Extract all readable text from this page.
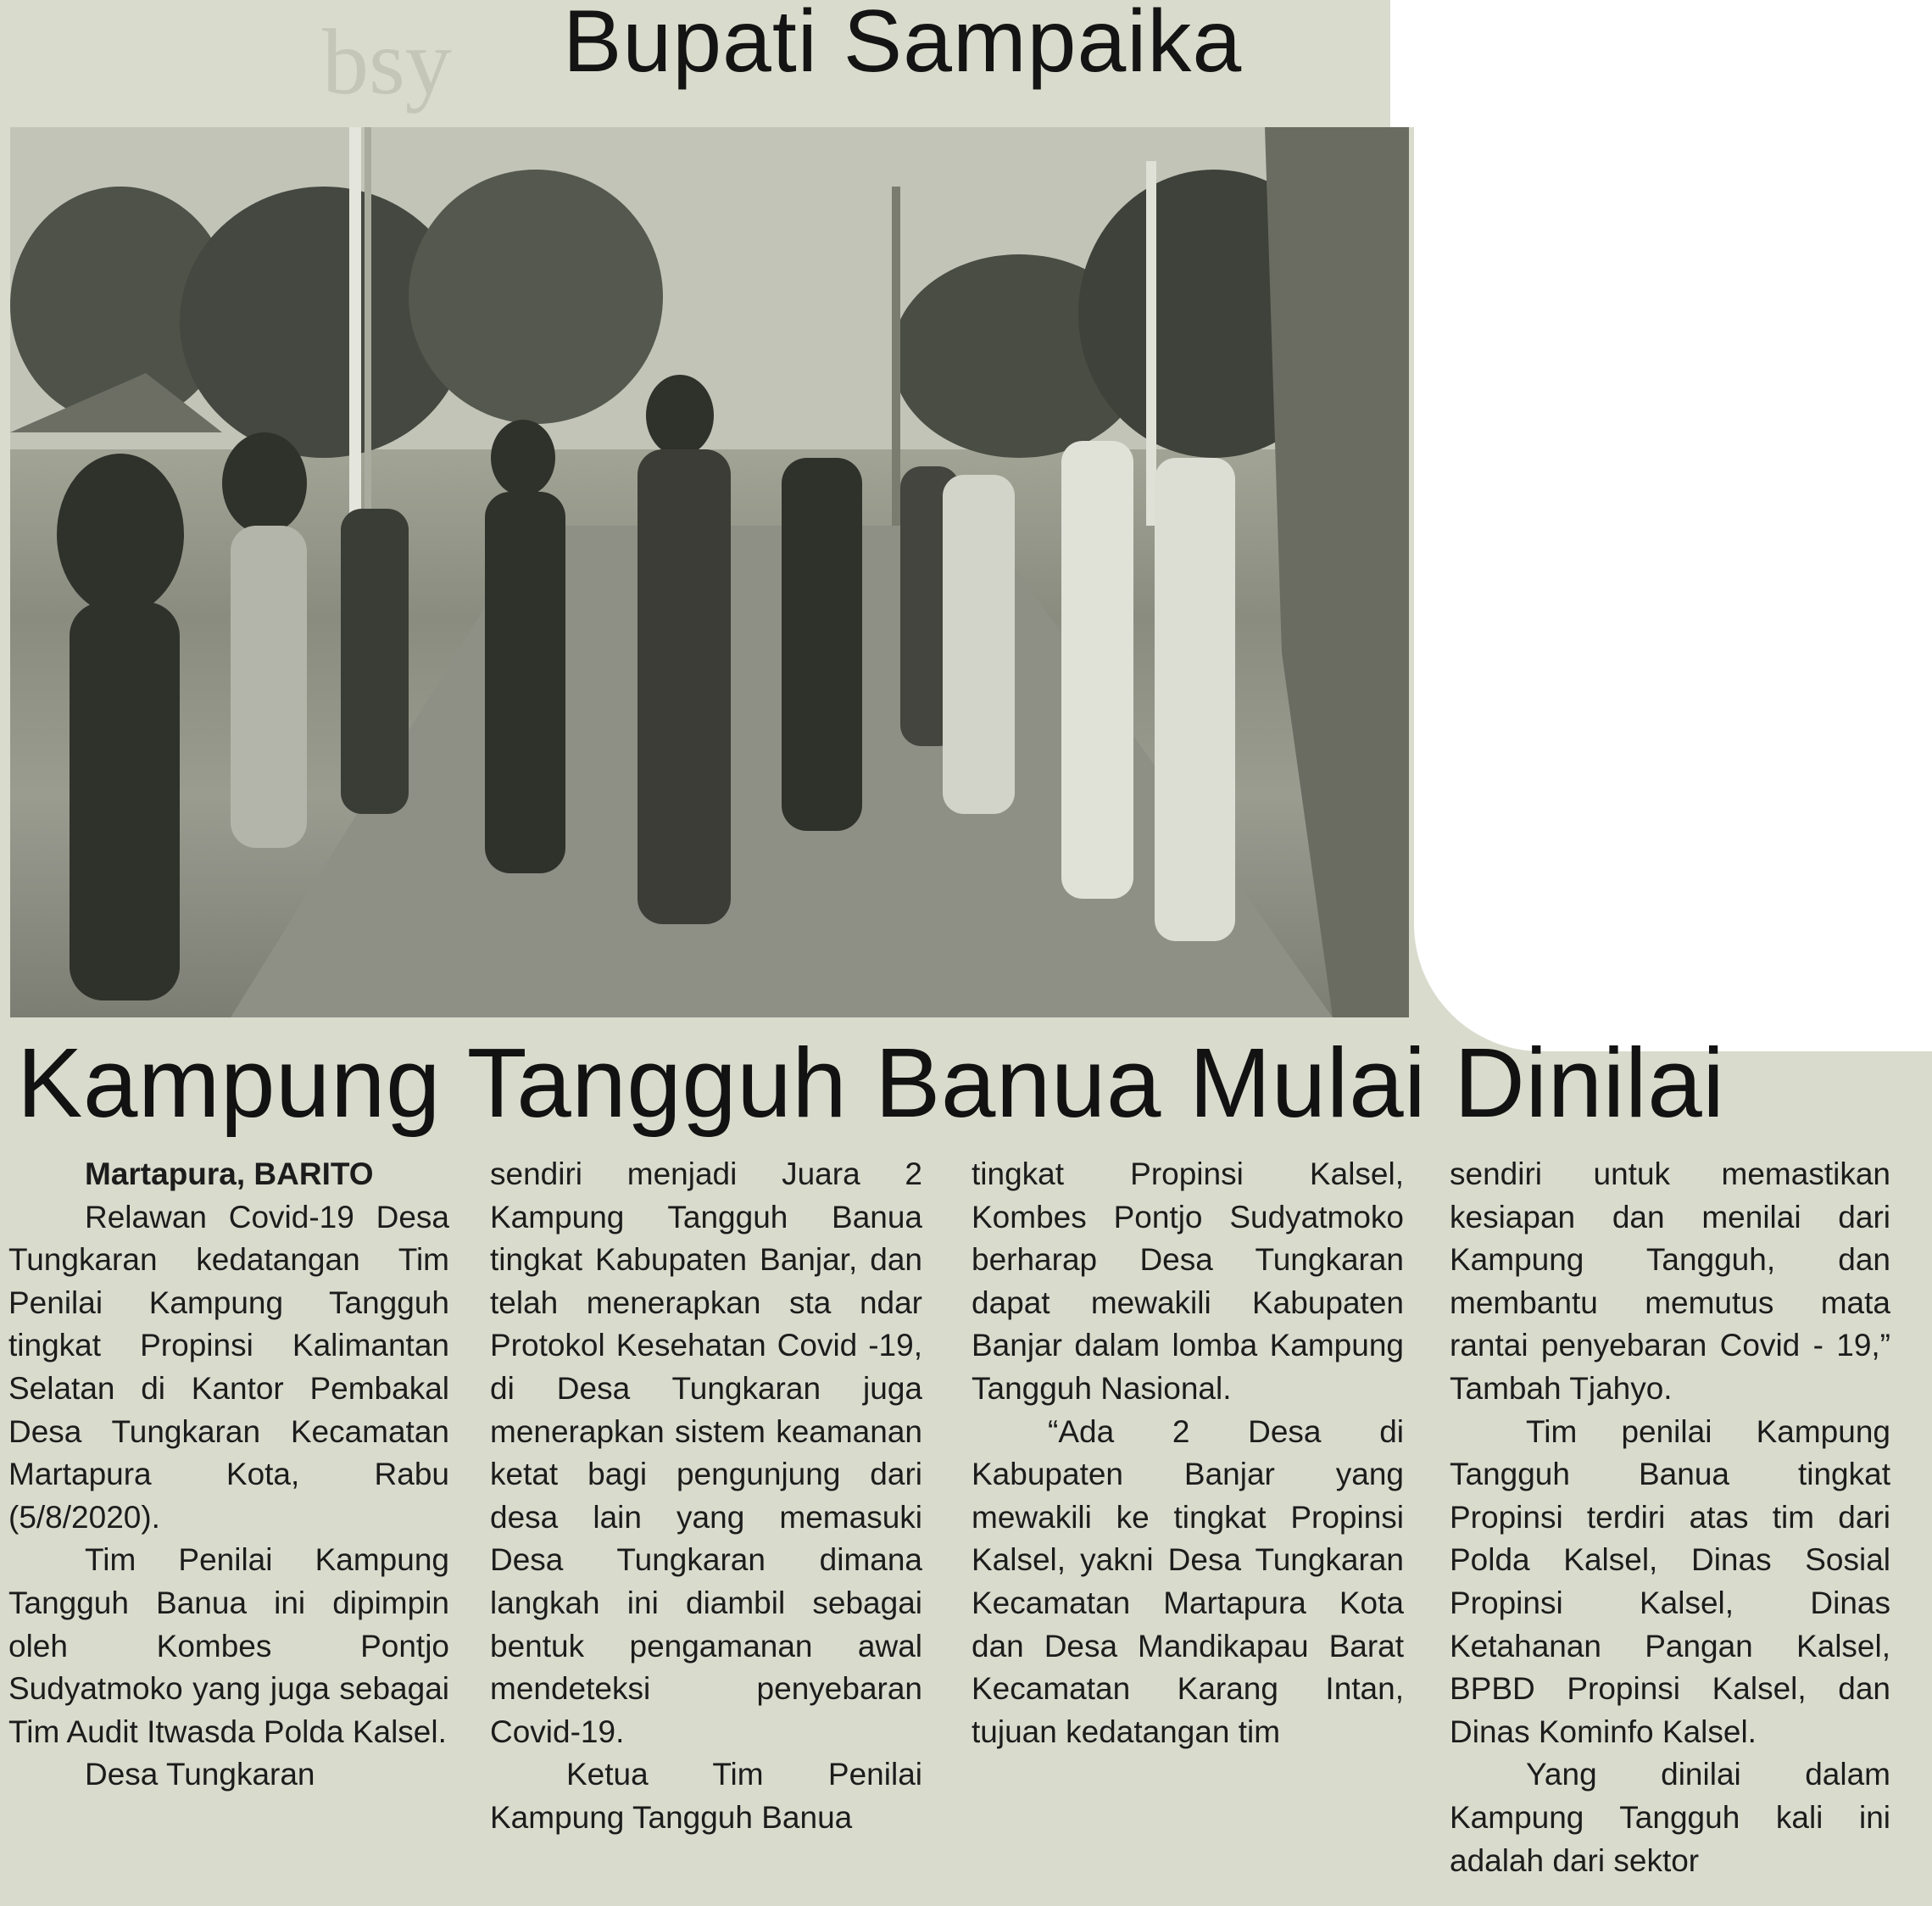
bsy Bupati Sampaika
Kampung Tangguh Banua Mulai Dinilai

Martapura, BARITO

Relawan Covid-19 Desa Tungkaran kedatangan Tim Penilai Kampung Tangguh tingkat Propinsi Kalimantan Selatan di Kantor Pembakal Desa Tungkaran Kecamatan Martapura Kota, Rabu (5/8/2020).

Tim Penilai Kampung Tangguh Banua ini dipimpin oleh Kombes Pontjo Sudyatmoko yang juga sebagai Tim Audit Itwasda Polda Kalsel.

Desa Tungkaran

sendiri menjadi Juara 2 Kampung Tangguh Banua tingkat Kabupaten Banjar, dan telah menerapkan sta ndar Protokol Kesehatan Covid -19, di Desa Tungkaran juga menerapkan sistem keamanan ketat bagi pengunjung dari desa lain yang memasuki Desa Tungkaran dimana langkah ini diambil sebagai bentuk pengamanan awal mendeteksi penyebaran Covid-19.

Ketua Tim Penilai Kampung Tangguh Banua

tingkat Propinsi Kalsel, Kombes Pontjo Sudyatmoko berharap Desa Tungkaran dapat mewakili Kabupaten Banjar dalam lomba Kampung Tangguh Nasional.

“Ada 2 Desa di Kabupaten Banjar yang mewakili ke tingkat Propinsi Kalsel, yakni Desa Tungkaran Kecamatan Martapura Kota dan Desa Mandikapau Barat Kecamatan Karang Intan, tujuan kedatangan tim

sendiri untuk memastikan kesiapan dan menilai dari Kampung Tangguh, dan membantu memutus mata rantai penyebaran Covid - 19,” Tambah Tjahyo.

Tim penilai Kampung Tangguh Banua tingkat Propinsi terdiri atas tim dari Polda Kalsel, Dinas Sosial Propinsi Kalsel, Dinas Ketahanan Pangan Kalsel, BPBD Propinsi Kalsel, dan Dinas Kominfo Kalsel.

Yang dinilai dalam Kampung Tangguh kali ini adalah dari sektor
